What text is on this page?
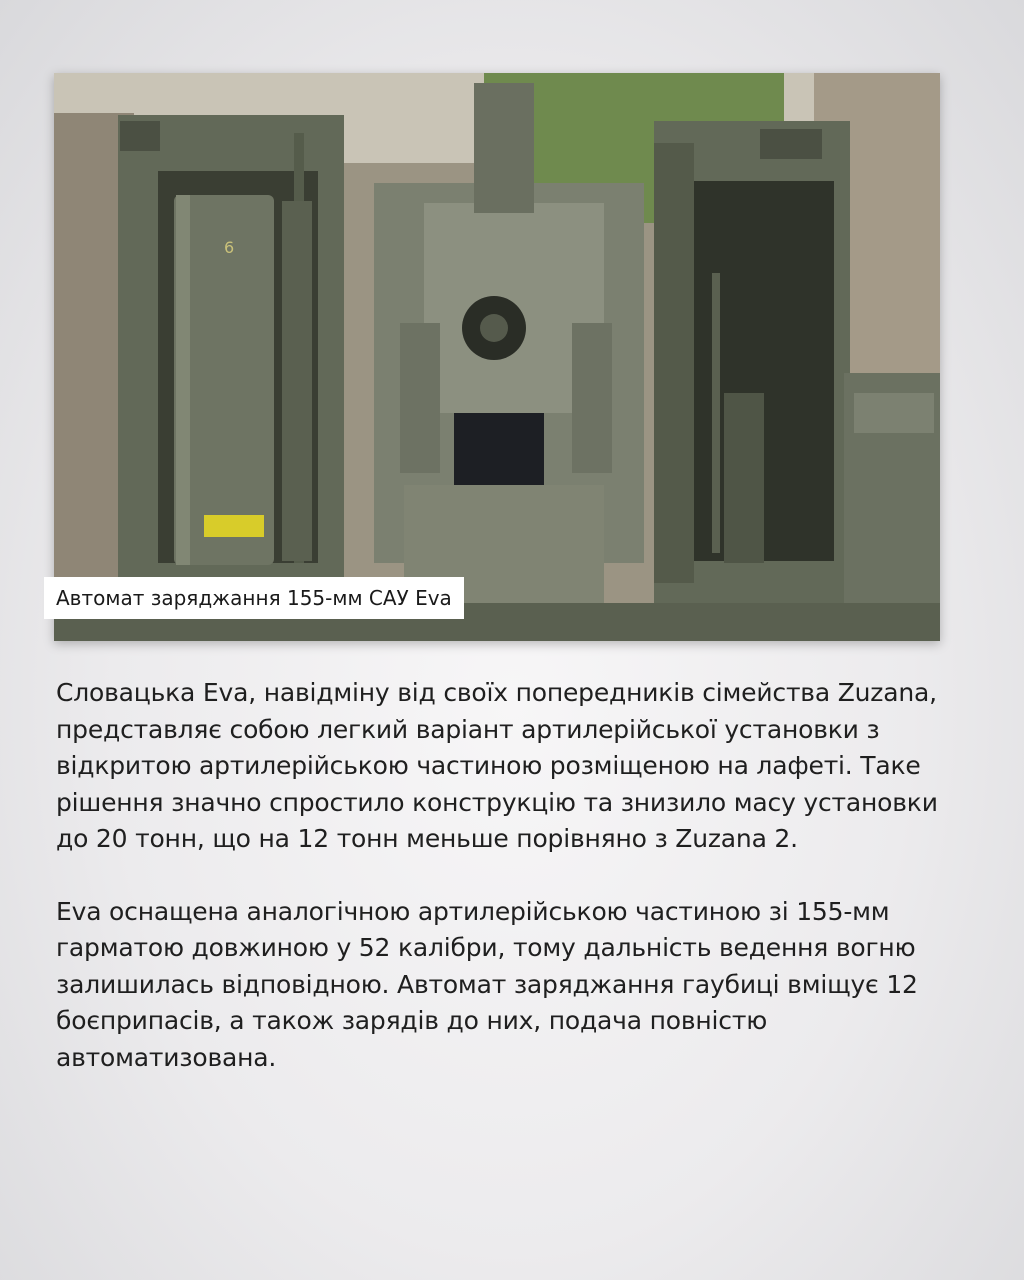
6
Автомат заряджання 155-мм САУ Eva

Словацька Eva, навідміну від своїх попередників сімейства Zuzana, представляє собою легкий варіант артилерійської установки з відкритою артилерійською частиною розміщеною на лафеті. Таке рішення значно спростило конструкцію та знизило масу установки до 20 тонн, що на 12 тонн меньше порівняно з Zuzana 2.

Eva оснащена аналогічною артилерійською частиною зі 155-мм гарматою довжиною у 52 калібри, тому дальність ведення вогню залишилась відповідною. Автомат заряджання гаубиці вміщує 12 боєприпасів, а також зарядів до них, подача повністю автоматизована.
